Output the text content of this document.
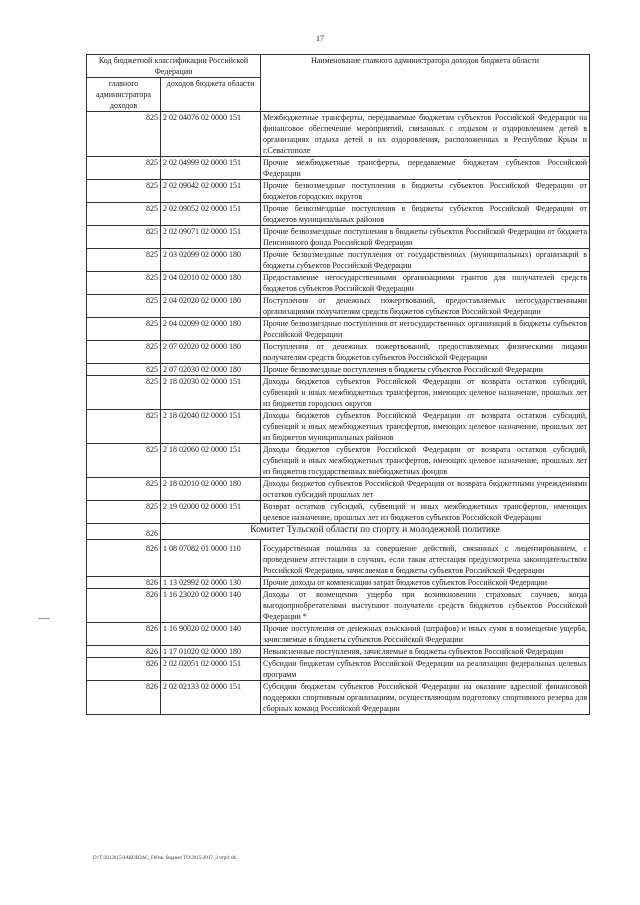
17
Код бюджетной классификации Российской Федерации		Наименование главного администратора доходов бюджета области
главного администратора доходов	доходов бюджета области	
825	2 02 04076 02 0000 151	Межбюджетные трансферты, передаваемые бюджетам субъектов Российской Федерации на финансовое обеспечение мероприятий, связанных с отдыхом и оздоровлением детей в организациях отдыха детей и их оздоровления, расположенных в Республике Крым и г.Севастополе
825	2 02 04999 02 0000 151	Прочие межбюджетные трансферты, передаваемые бюджетам субъектов Российской Федерации
825	2 02 09042 02 0000 151	Прочие безвозмездные поступления в бюджеты субъектов Российской Федерации от бюджетов городских округов
825	2 02 09052 02 0000 151	Прочие безвозмездные поступления в бюджеты субъектов Российской Федерации от бюджетов муниципальных районов
825	2 02 09071 02 0000 151	Прочие безвозмездные поступления в бюджеты субъектов Российской Федерации от бюджета Пенсионного фонда Российской Федерации
825	2 03 02099 02 0000 180	Прочие безвозмездные поступления от государственных (муниципальных) организаций в бюджеты субъектов Российской Федерации
825	2 04 02010 02 0000 180	Предоставление негосударственными организациями грантов для получателей средств бюджетов субъектов Российской Федерации
825	2 04 02020 02 0000 180	Поступления от денежных пожертвований, предоставляемых негосударственными организациями получателям средств бюджетов субъектов Российской Федерации
825	2 04 02099 02 0000 180	Прочие безвозмездные поступления от негосударственных организаций в бюджеты субъектов Российской Федерации
825	2 07 02020 02 0000 180	Поступления от денежных пожертвований, предоставляемых физическими лицами получателям средств бюджетов субъектов Российской Федерации
825	2 07 02030 02 0000 180	Прочие безвозмездные поступления в бюджеты субъектов Российской Федерации
825	2 18 02030 02 0000 151	Доходы бюджетов субъектов Российской Федерации от возврата остатков субсидий, субвенций и иных межбюджетных трансфертов, имеющих целевое назначение, прошлых лет из бюджетов городских округов
825	2 18 02040 02 0000 151	Доходы бюджетов субъектов Российской Федерации от возврата остатков субсидий, субвенций и иных межбюджетных трансфертов, имеющих целевое назначение, прошлых лет из бюджетов муниципальных районов
825	2 18 02060 02 0000 151	Доходы бюджетов субъектов Российской Федерации от возврата остатков субсидий, субвенций и иных межбюджетных трансфертов, имеющих целевое назначение, прошлых лет из бюджетов государственных внебюджетных фондов
825	2 18 02010 02 0000 180	Доходы бюджетов субъектов Российской Федерации от возврата бюджетными учреждениями остатков субсидий прошлых лет
825	2 19 02000 02 0000 151	Возврат остатков субсидий, субвенций и иных межбюджетных трансфертов, имеющих целевое назначение, прошлых лет из бюджетов субъектов Российской Федерации
826	Комитет Тульской области по спорту и молодежной политике	
826	1 08 07082 01 0000 110	Государственная пошлина за совершение действий, связанных с лицензированием, с проведением аттестации в случаях, если такая аттестация предусмотрена законодательством Российской Федерации, зачисляемая в бюджеты субъектов Российской Федерации
826	1 13 02992 02 0000 130	Прочие доходы от компенсации затрат бюджетов субъектов Российской Федерации
826	1 16 23020 02 0000 140	Доходы от возмещения ущерба при возникновении страховых случаев, когда выгодоприобретателями выступают получатели средств бюджетов субъектов Российской Федерации *
826	1 16 90020 02 0000 140	Прочие поступления от денежных взысканий (штрафов) и иных сумм в возмещение ущерба, зачисляемые в бюджеты субъектов Российской Федерации
826	1 17 01020 02 0000 180	Невыясненные поступления, зачисляемые в бюджеты субъектов Российской Федерации
826	2 02 02051 02 0000 151	Субсидии бюджетам субъектов Российской Федерации на реализацию федеральных целевых программ
826	2 02 02133 02 0000 151	Субсидии бюджетам субъектов Российской Федерации на оказание адресной финансовой поддержки спортивным организациям, осуществляющим подготовку спортивного резерва для сборных команд Российской Федерации
D:\Т\2012015\ЗАКОН3АС_F60зк. бюджет ТО\2015-2017_3 чтрrl.slk
